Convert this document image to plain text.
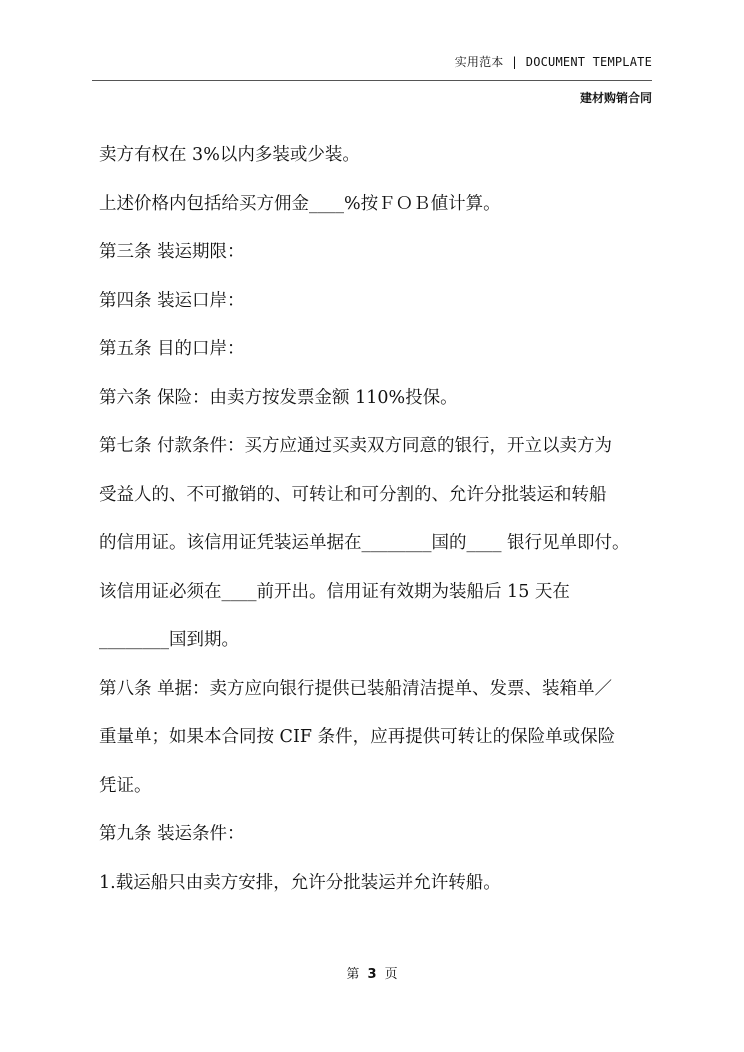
实用范本 | DOCUMENT TEMPLATE
建材购销合同
卖方有权在 3%以内多装或少装。
上述价格内包括给买方佣金____%按ＦＯＢ値计算。
第三条 装运期限：
第四条 装运口岸：
第五条 目的口岸：
第六条 保险：由卖方按发票金额 110%投保。
第七条 付款条件：买方应通过买卖双方同意的银行，开立以卖方为
受益人的、不可撤销的、可转让和可分割的、允许分批装运和转船
的信用证。该信用证凭装运单据在________国的____ 银行见单即付。
该信用证必须在____前开出。信用证有效期为装船后 15 天在
________国到期。
第八条 单据：卖方应向银行提供已装船清洁提单、发票、装箱单／
重量单；如果本合同按 CIF 条件，应再提供可转让的保险单或保险
凭证。
第九条 装运条件：
1.载运船只由卖方安排，允许分批装运并允许转船。
第 3 页
